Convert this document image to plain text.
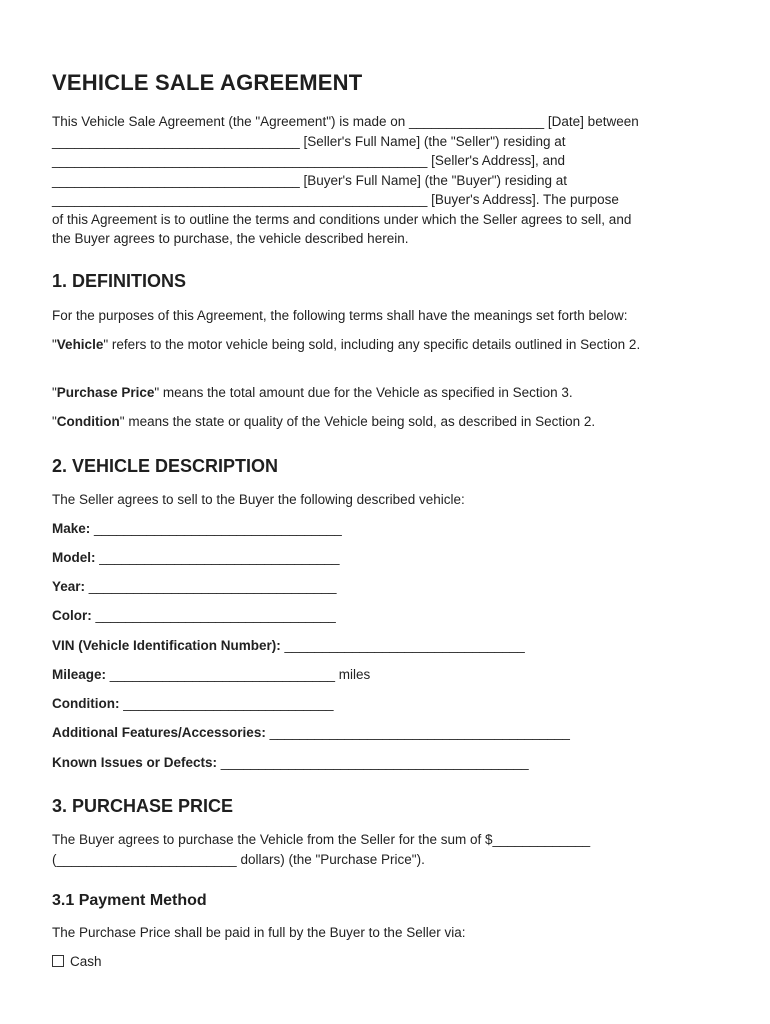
VEHICLE SALE AGREEMENT
This Vehicle Sale Agreement (the "Agreement") is made on __________________ [Date] between
_________________________________ [Seller's Full Name] (the "Seller") residing at
__________________________________________________ [Seller's Address], and
_________________________________ [Buyer's Full Name] (the "Buyer") residing at
__________________________________________________ [Buyer's Address]. The purpose
of this Agreement is to outline the terms and conditions under which the Seller agrees to sell, and
the Buyer agrees to purchase, the vehicle described herein.
1. DEFINITIONS
For the purposes of this Agreement, the following terms shall have the meanings set forth below:
"Vehicle" refers to the motor vehicle being sold, including any specific details outlined in Section 2.
"Purchase Price" means the total amount due for the Vehicle as specified in Section 3.
"Condition" means the state or quality of the Vehicle being sold, as described in Section 2.
2. VEHICLE DESCRIPTION
The Seller agrees to sell to the Buyer the following described vehicle:
Make: _________________________________
Model: ________________________________
Year: _________________________________
Color: ________________________________
VIN (Vehicle Identification Number): ________________________________
Mileage: ______________________________ miles
Condition: ____________________________
Additional Features/Accessories: ________________________________________
Known Issues or Defects: _________________________________________
3. PURCHASE PRICE
The Buyer agrees to purchase the Vehicle from the Seller for the sum of $_____________
(________________________ dollars) (the "Purchase Price").
3.1 Payment Method
The Purchase Price shall be paid in full by the Buyer to the Seller via:
Cash
